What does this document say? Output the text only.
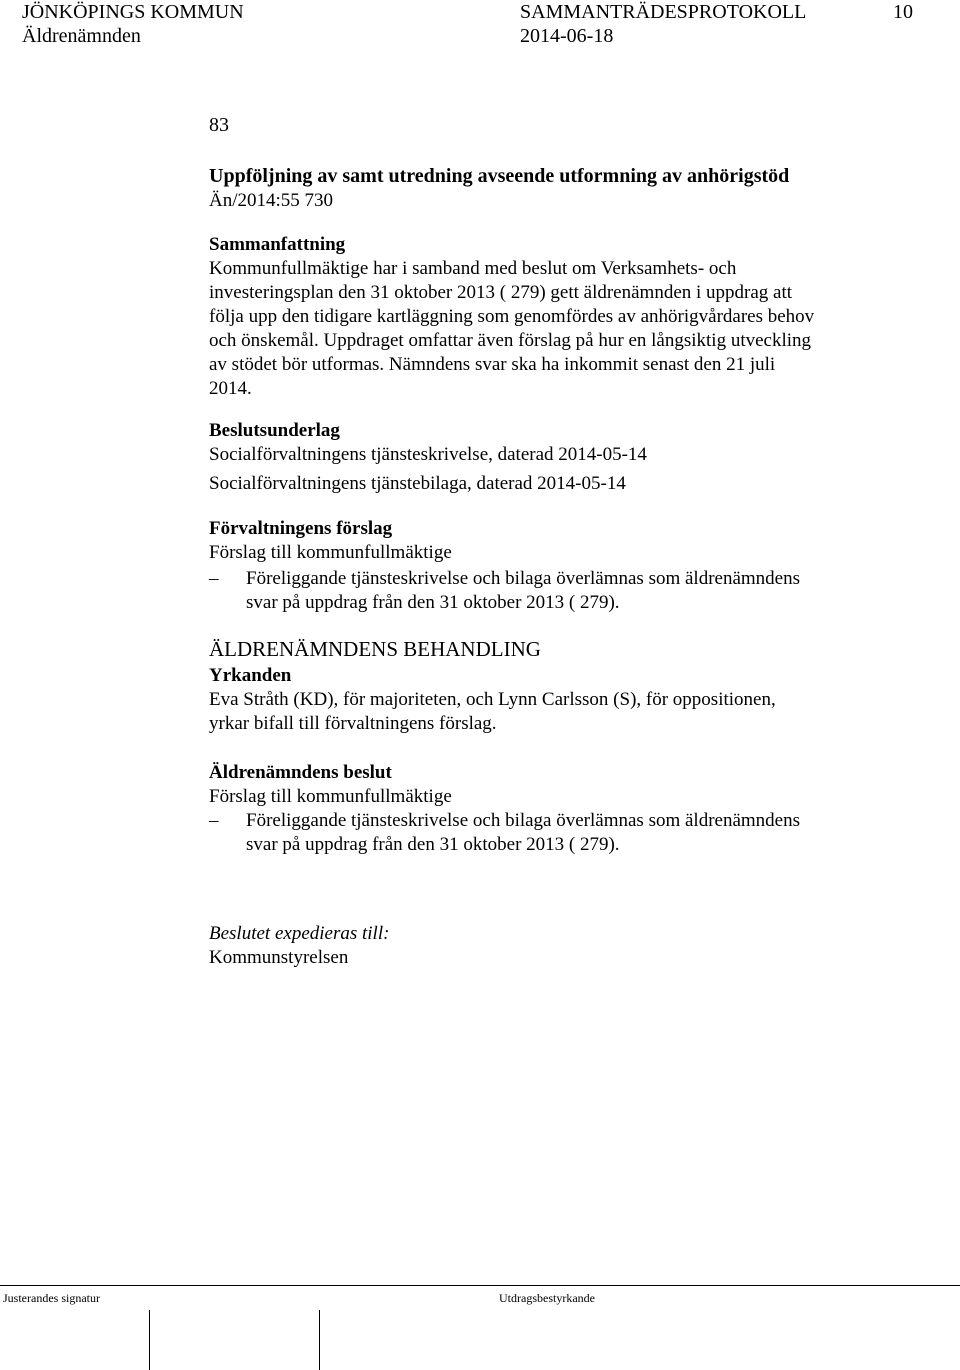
JÖNKÖPINGS KOMMUN
Äldrenämnden
SAMMANTRÄDESPROTOKOLL
2014-06-18
10
83
Uppföljning av samt utredning avseende utformning av anhörigstöd
Än/2014:55 730
Sammanfattning
Kommunfullmäktige har i samband med beslut om Verksamhets- och
investeringsplan den 31 oktober 2013 ( 279) gett äldrenämnden i uppdrag att
följa upp den tidigare kartläggning som genomfördes av anhörigvårdares behov
och önskemål. Uppdraget omfattar även förslag på hur en långsiktig utveckling
av stödet bör utformas. Nämndens svar ska ha inkommit senast den 21 juli
2014.
Beslutsunderlag
Socialförvaltningens tjänsteskrivelse, daterad 2014-05-14
Socialförvaltningens tjänstebilaga, daterad 2014-05-14
Förvaltningens förslag
Förslag till kommunfullmäktige
– Föreliggande tjänsteskrivelse och bilaga överlämnas som äldrenämndens
svar på uppdrag från den 31 oktober 2013 ( 279).
ÄLDRENÄMNDENS BEHANDLING
Yrkanden
Eva Stråth (KD), för majoriteten, och Lynn Carlsson (S), för oppositionen,
yrkar bifall till förvaltningens förslag.
Äldrenämndens beslut
Förslag till kommunfullmäktige
– Föreliggande tjänsteskrivelse och bilaga överlämnas som äldrenämndens
svar på uppdrag från den 31 oktober 2013 ( 279).
Beslutet expedieras till:
Kommunstyrelsen
Justerandes signatur	Utdragsbestyrkande
